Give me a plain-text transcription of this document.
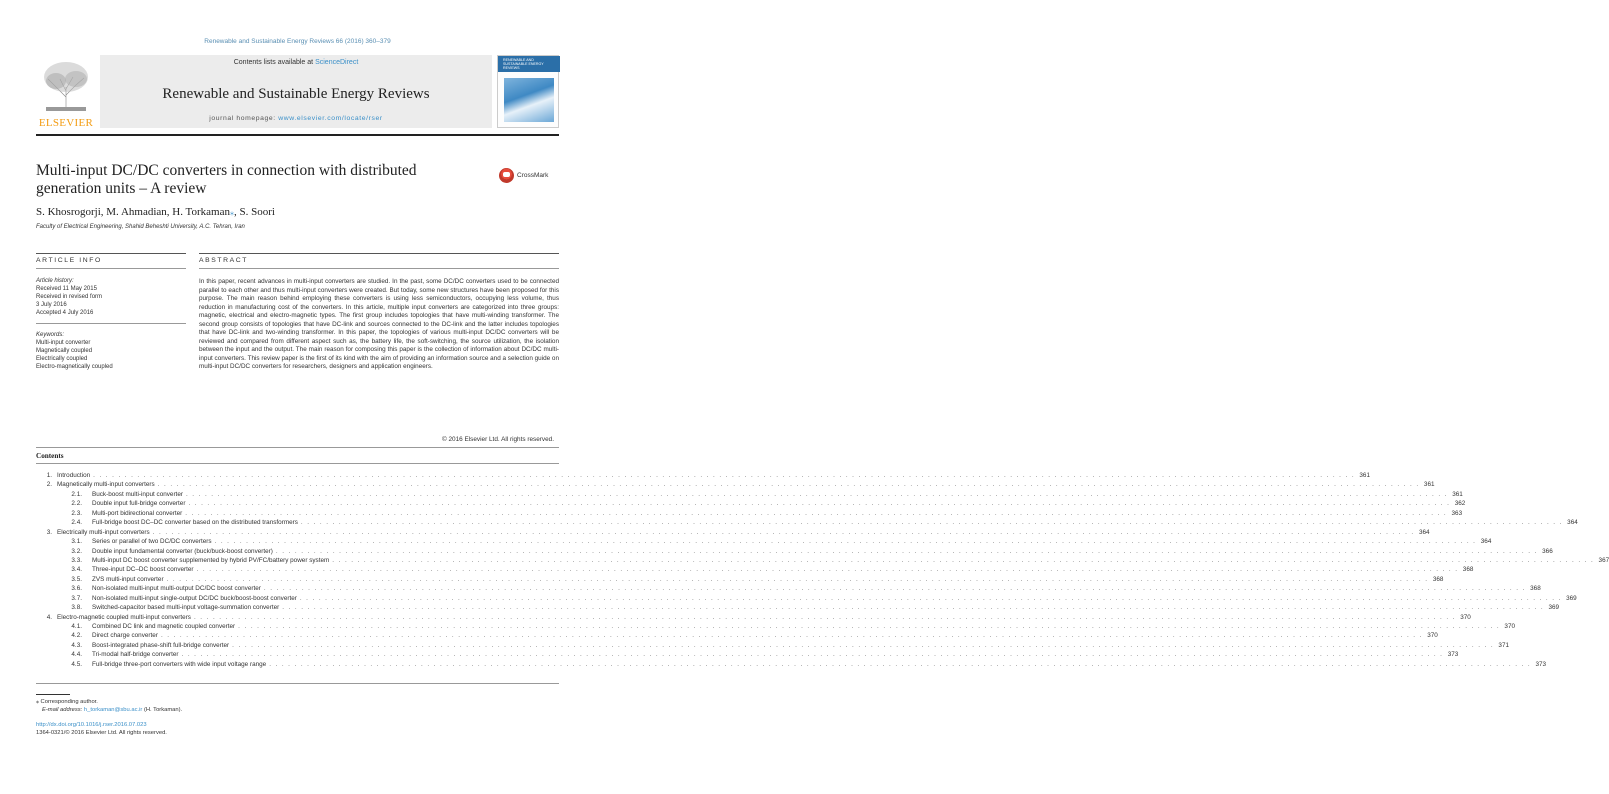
Renewable and Sustainable Energy Reviews 66 (2016) 360–379
ELSEVIER
Contents lists available at ScienceDirect
Renewable and Sustainable Energy Reviews
journal homepage: www.elsevier.com/locate/rser
RENEWABLE AND SUSTAINABLE ENERGY REVIEWS
Multi-input DC/DC converters in connection with distributed generation units – A review
CrossMark
S. Khosrogorji, M. Ahmadian, H. Torkaman⁎, S. Soori
Faculty of Electrical Engineering, Shahid Beheshti University, A.C. Tehran, Iran
ARTICLE INFO	ABSTRACT
Article history:
Received 11 May 2015
Received in revised form
3 July 2016
Accepted 4 July 2016
Keywords:
Multi-input converter
Magnetically coupled
Electrically coupled
Electro-magnetically coupled
In this paper, recent advances in multi-input converters are studied. In the past, some DC/DC converters used to be connected parallel to each other and thus multi-input converters were created. But today, some new structures have been proposed for this purpose. The main reason behind employing these converters is using less semiconductors, occupying less volume, thus reduction in manufacturing cost of the converters. In this article, multiple input converters are categorized into three groups: magnetic, electrical and electro-magnetic types. The first group includes topologies that have multi-winding transformer. The second group consists of topologies that have DC-link and sources connected to the DC-link and the latter includes topologies that have DC-link and two-winding transformer. In this paper, the topologies of various multi-input DC/DC converters will be reviewed and compared from different aspect such as, the battery life, the soft-switching, the source utilization, the isolation between the input and the output. The main reason for composing this paper is the collection of information about DC/DC multi-input converters. This review paper is the first of its kind with the aim of providing an information source and a selection guide on multi-input DC/DC converters for researchers, designers and application engineers.
© 2016 Elsevier Ltd. All rights reserved.
Contents
1. Introduction . . . . . . . . . . . . . . . . . . . . . . . . . . . . . . . . . . . . . . . . . . . . . . . . . . . . . . . . . . . . . . . . . . . . . . . . . . . . . . . . . . . . . . . . . . . . . . . . . . . . . . . . . . . . . . . . . . . . . . . . . . . . . . . . . . . . . . . . . . . . . . . . . . . . . . . . . . . . . . . . . . . . . . . . . . . . . . . . . . . . . . . . . . . . . . . . . . . . . . . . 361
2. Magnetically multi-input converters . . . . . . . . . . . . . . . . . . . . . . . . . . . . . . . . . . . . . . . . . . . . . . . . . . . . . . . . . . . . . . . . . . . . . . . . . . . . . . . . . . . . . . . . . . . . . . . . . . . . . . . . . . . . . . . . . . . . . . . . . . . . . . . . . . . . . . . . . . . . . . . . . . . . . . . . . . . . . . . . . . . . . . . . . . . . . . . . . . . . . . . . . . . . . . . . . . . . . . . . 361
2.1.	Buck-boost multi-input converter . . . . . . . . . . . . . . . . . . . . . . . . . . . . . . . . . . . . . . . . . . . . . . . . . . . . . . . . . . . . . . . . . . . . . . . . . . . . . . . . . . . . . . . . . . . . . . . . . . . . . . . . . . . . . . . . . . . . . . . . . . . . . . . . . . . . . . . . . . . . . . . . . . . . . . . . . . . . . . . . . . . . . . . . . . . . . . . . . . . . . . . . . . . . . . . . . . . . . . . . 361
2.2.	Double input full-bridge converter . . . . . . . . . . . . . . . . . . . . . . . . . . . . . . . . . . . . . . . . . . . . . . . . . . . . . . . . . . . . . . . . . . . . . . . . . . . . . . . . . . . . . . . . . . . . . . . . . . . . . . . . . . . . . . . . . . . . . . . . . . . . . . . . . . . . . . . . . . . . . . . . . . . . . . . . . . . . . . . . . . . . . . . . . . . . . . . . . . . . . . . . . . . . . . . . . . . . . . . . 362
2.3.	Multi-port bidirectional converter . . . . . . . . . . . . . . . . . . . . . . . . . . . . . . . . . . . . . . . . . . . . . . . . . . . . . . . . . . . . . . . . . . . . . . . . . . . . . . . . . . . . . . . . . . . . . . . . . . . . . . . . . . . . . . . . . . . . . . . . . . . . . . . . . . . . . . . . . . . . . . . . . . . . . . . . . . . . . . . . . . . . . . . . . . . . . . . . . . . . . . . . . . . . . . . . . . . . . . . . 363
2.4.	Full-bridge boost DC–DC converter based on the distributed transformers . . . . . . . . . . . . . . . . . . . . . . . . . . . . . . . . . . . . . . . . . . . . . . . . . . . . . . . . . . . . . . . . . . . . . . . . . . . . . . . . . . . . . . . . . . . . . . . . . . . . . . . . . . . . . . . . . . . . . . . . . . . . . . . . . . . . . . . . . . . . . . . . . . . . . . . . . . . . . . . . . . . . . . . . . . . . . . . . . . . . . . . . . . . . . . . . . . . . . . . . 364
3. Electrically multi-input converters . . . . . . . . . . . . . . . . . . . . . . . . . . . . . . . . . . . . . . . . . . . . . . . . . . . . . . . . . . . . . . . . . . . . . . . . . . . . . . . . . . . . . . . . . . . . . . . . . . . . . . . . . . . . . . . . . . . . . . . . . . . . . . . . . . . . . . . . . . . . . . . . . . . . . . . . . . . . . . . . . . . . . . . . . . . . . . . . . . . . . . . . . . . . . . . . . . . . . . . . 364
3.1.	Series or parallel of two DC/DC converters . . . . . . . . . . . . . . . . . . . . . . . . . . . . . . . . . . . . . . . . . . . . . . . . . . . . . . . . . . . . . . . . . . . . . . . . . . . . . . . . . . . . . . . . . . . . . . . . . . . . . . . . . . . . . . . . . . . . . . . . . . . . . . . . . . . . . . . . . . . . . . . . . . . . . . . . . . . . . . . . . . . . . . . . . . . . . . . . . . . . . . . . . . . . . . . . . . . . . . . . 364
3.2.	Double input fundamental converter (buck/buck-boost converter) . . . . . . . . . . . . . . . . . . . . . . . . . . . . . . . . . . . . . . . . . . . . . . . . . . . . . . . . . . . . . . . . . . . . . . . . . . . . . . . . . . . . . . . . . . . . . . . . . . . . . . . . . . . . . . . . . . . . . . . . . . . . . . . . . . . . . . . . . . . . . . . . . . . . . . . . . . . . . . . . . . . . . . . . . . . . . . . . . . . . . . . . . . . . . . . . . . . . . . . . 366
3.3.	Multi-input DC boost converter supplemented by hybrid PV/FC/battery power system . . . . . . . . . . . . . . . . . . . . . . . . . . . . . . . . . . . . . . . . . . . . . . . . . . . . . . . . . . . . . . . . . . . . . . . . . . . . . . . . . . . . . . . . . . . . . . . . . . . . . . . . . . . . . . . . . . . . . . . . . . . . . . . . . . . . . . . . . . . . . . . . . . . . . . . . . . . . . . . . . . . . . . . . . . . . . . . . . . . . . . . . . . . . . . . . . . . . . . . . 367
3.4.	Three-input DC–DC boost converter . . . . . . . . . . . . . . . . . . . . . . . . . . . . . . . . . . . . . . . . . . . . . . . . . . . . . . . . . . . . . . . . . . . . . . . . . . . . . . . . . . . . . . . . . . . . . . . . . . . . . . . . . . . . . . . . . . . . . . . . . . . . . . . . . . . . . . . . . . . . . . . . . . . . . . . . . . . . . . . . . . . . . . . . . . . . . . . . . . . . . . . . . . . . . . . . . . . . . . . . 368
3.5.	ZVS multi-input converter . . . . . . . . . . . . . . . . . . . . . . . . . . . . . . . . . . . . . . . . . . . . . . . . . . . . . . . . . . . . . . . . . . . . . . . . . . . . . . . . . . . . . . . . . . . . . . . . . . . . . . . . . . . . . . . . . . . . . . . . . . . . . . . . . . . . . . . . . . . . . . . . . . . . . . . . . . . . . . . . . . . . . . . . . . . . . . . . . . . . . . . . . . . . . . . . . . . . . . . . 368
3.6.	Non-isolated multi-input multi-output DC/DC boost converter . . . . . . . . . . . . . . . . . . . . . . . . . . . . . . . . . . . . . . . . . . . . . . . . . . . . . . . . . . . . . . . . . . . . . . . . . . . . . . . . . . . . . . . . . . . . . . . . . . . . . . . . . . . . . . . . . . . . . . . . . . . . . . . . . . . . . . . . . . . . . . . . . . . . . . . . . . . . . . . . . . . . . . . . . . . . . . . . . . . . . . . . . . . . . . . . . . . . . . . . 368
3.7.	Non-isolated multi-input single-output DC/DC buck/boost-boost converter . . . . . . . . . . . . . . . . . . . . . . . . . . . . . . . . . . . . . . . . . . . . . . . . . . . . . . . . . . . . . . . . . . . . . . . . . . . . . . . . . . . . . . . . . . . . . . . . . . . . . . . . . . . . . . . . . . . . . . . . . . . . . . . . . . . . . . . . . . . . . . . . . . . . . . . . . . . . . . . . . . . . . . . . . . . . . . . . . . . . . . . . . . . . . . . . . . . . . . . . 369
3.8.	Switched-capacitor based multi-input voltage-summation converter . . . . . . . . . . . . . . . . . . . . . . . . . . . . . . . . . . . . . . . . . . . . . . . . . . . . . . . . . . . . . . . . . . . . . . . . . . . . . . . . . . . . . . . . . . . . . . . . . . . . . . . . . . . . . . . . . . . . . . . . . . . . . . . . . . . . . . . . . . . . . . . . . . . . . . . . . . . . . . . . . . . . . . . . . . . . . . . . . . . . . . . . . . . . . . . . . . . . . . . . 369
4. Electro-magnetic coupled multi-input converters . . . . . . . . . . . . . . . . . . . . . . . . . . . . . . . . . . . . . . . . . . . . . . . . . . . . . . . . . . . . . . . . . . . . . . . . . . . . . . . . . . . . . . . . . . . . . . . . . . . . . . . . . . . . . . . . . . . . . . . . . . . . . . . . . . . . . . . . . . . . . . . . . . . . . . . . . . . . . . . . . . . . . . . . . . . . . . . . . . . . . . . . . . . . . . . . . . . . . . . . 370
4.1.	Combined DC link and magnetic coupled converter . . . . . . . . . . . . . . . . . . . . . . . . . . . . . . . . . . . . . . . . . . . . . . . . . . . . . . . . . . . . . . . . . . . . . . . . . . . . . . . . . . . . . . . . . . . . . . . . . . . . . . . . . . . . . . . . . . . . . . . . . . . . . . . . . . . . . . . . . . . . . . . . . . . . . . . . . . . . . . . . . . . . . . . . . . . . . . . . . . . . . . . . . . . . . . . . . . . . . . . . 370
4.2.	Direct charge converter . . . . . . . . . . . . . . . . . . . . . . . . . . . . . . . . . . . . . . . . . . . . . . . . . . . . . . . . . . . . . . . . . . . . . . . . . . . . . . . . . . . . . . . . . . . . . . . . . . . . . . . . . . . . . . . . . . . . . . . . . . . . . . . . . . . . . . . . . . . . . . . . . . . . . . . . . . . . . . . . . . . . . . . . . . . . . . . . . . . . . . . . . . . . . . . . . . . . . . . . 370
4.3.	Boost-integrated phase-shift full-bridge converter . . . . . . . . . . . . . . . . . . . . . . . . . . . . . . . . . . . . . . . . . . . . . . . . . . . . . . . . . . . . . . . . . . . . . . . . . . . . . . . . . . . . . . . . . . . . . . . . . . . . . . . . . . . . . . . . . . . . . . . . . . . . . . . . . . . . . . . . . . . . . . . . . . . . . . . . . . . . . . . . . . . . . . . . . . . . . . . . . . . . . . . . . . . . . . . . . . . . . . . . 371
4.4.	Tri-modal half-bridge converter . . . . . . . . . . . . . . . . . . . . . . . . . . . . . . . . . . . . . . . . . . . . . . . . . . . . . . . . . . . . . . . . . . . . . . . . . . . . . . . . . . . . . . . . . . . . . . . . . . . . . . . . . . . . . . . . . . . . . . . . . . . . . . . . . . . . . . . . . . . . . . . . . . . . . . . . . . . . . . . . . . . . . . . . . . . . . . . . . . . . . . . . . . . . . . . . . . . . . . . . 373
4.5.	Full-bridge three-port converters with wide input voltage range . . . . . . . . . . . . . . . . . . . . . . . . . . . . . . . . . . . . . . . . . . . . . . . . . . . . . . . . . . . . . . . . . . . . . . . . . . . . . . . . . . . . . . . . . . . . . . . . . . . . . . . . . . . . . . . . . . . . . . . . . . . . . . . . . . . . . . . . . . . . . . . . . . . . . . . . . . . . . . . . . . . . . . . . . . . . . . . . . . . . . . . . . . . . . . . . . . . . . . . . 373
⁎ Corresponding author.
E-mail address: h_torkaman@sbu.ac.ir (H. Torkaman).
http://dx.doi.org/10.1016/j.rser.2016.07.023
1364-0321/© 2016 Elsevier Ltd. All rights reserved.
